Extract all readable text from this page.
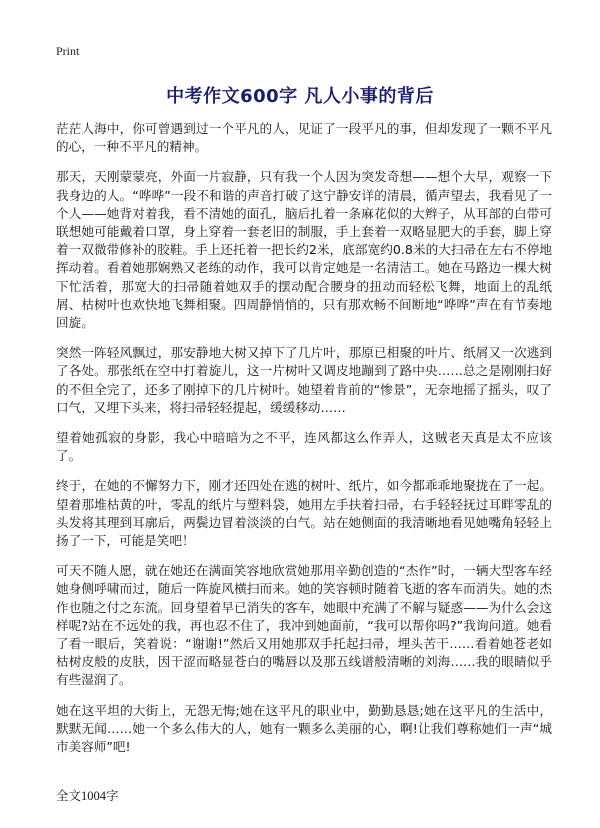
Print
中考作文600字 凡人小事的背后

茫茫人海中，你可曾遇到过一个平凡的人，见证了一段平凡的事，但却发现了一颗不平凡的心，一种不平凡的精神。

那天，天刚蒙蒙亮，外面一片寂静，只有我一个人因为突发奇想——想个大早，观察一下我身边的人。“哗哗”一段不和谐的声音打破了这宁静安详的清晨，循声望去，我看见了一个人——她背对着我，看不清她的面孔，脑后扎着一条麻花似的大辫子，从耳部的白带可联想她可能戴着口罩，身上穿着一套老旧的制服，手上套着一双略显肥大的手套，脚上穿着一双微带修补的胶鞋。手上还托着一把长约2米，底部宽约0.8米的大扫帚在左右不停地挥动着。看着她那娴熟又老练的动作，我可以肯定她是一名清洁工。她在马路边一棵大树下忙活着，那宽大的扫帚随着她双手的摆动配合腰身的扭动而轻松飞舞，地面上的乱纸屑、枯树叶也欢快地飞舞相聚。四周静悄悄的，只有那欢畅不间断地“哗哗”声在有节奏地回旋。

突然一阵轻风飘过，那安静地大树又掉下了几片叶，那原已相聚的叶片、纸屑又一次逃到了各处。那张纸在空中打着旋儿，这一片树叶又调皮地蹦到了路中央……总之是刚刚扫好的不但全完了，还多了刚掉下的几片树叶。她望着肯前的“惨景”，无奈地摇了摇头，叹了口气，又埋下头来，将扫帚轻轻提起，缓缓移动……

望着她孤寂的身影，我心中暗暗为之不平，连风都这么作弄人，这贼老天真是太不应该了。

终于，在她的不懈努力下，刚才还四处在逃的树叶、纸片，如今都乖乖地聚拢在了一起。望着那堆枯黄的叶，零乱的纸片与塑料袋，她用左手扶着扫帚，右手轻轻抚过耳畔零乱的头发将其理到耳廓后，两鬓边冒着淡淡的白气。站在她侧面的我清晰地看见她嘴角轻轻上扬了一下，可能是笑吧！

可天不随人愿，就在她还在满面笑容地欣赏她那用辛勤创造的“杰作”时，一辆大型客车经她身侧呼啸而过，随后一阵旋风横扫而来。她的笑容顿时随着飞逝的客车而消失。她的杰作也随之付之东流。回身望着早已消失的客车，她眼中充满了不解与疑惑——为什么会这样呢?站在不远处的我，再也忍不住了，我冲到她面前，“我可以帮你吗?”我询问道。她看了看一眼后，笑着说：“谢谢!”然后又用她那双手托起扫帚，埋头苦干……看着她苍老如枯树皮般的皮肤，因干涩而略显苍白的嘴唇以及那五线谱般清晰的刘海……我的眼睛似乎有些湿润了。

她在这平坦的大街上，无怨无悔;她在这平凡的职业中，勤勤恳恳;她在这平凡的生活中，默默无闻……她一个多么伟大的人，她有一颗多么美丽的心，啊!让我们尊称她们一声“城市美容师”吧!

全文1004字
